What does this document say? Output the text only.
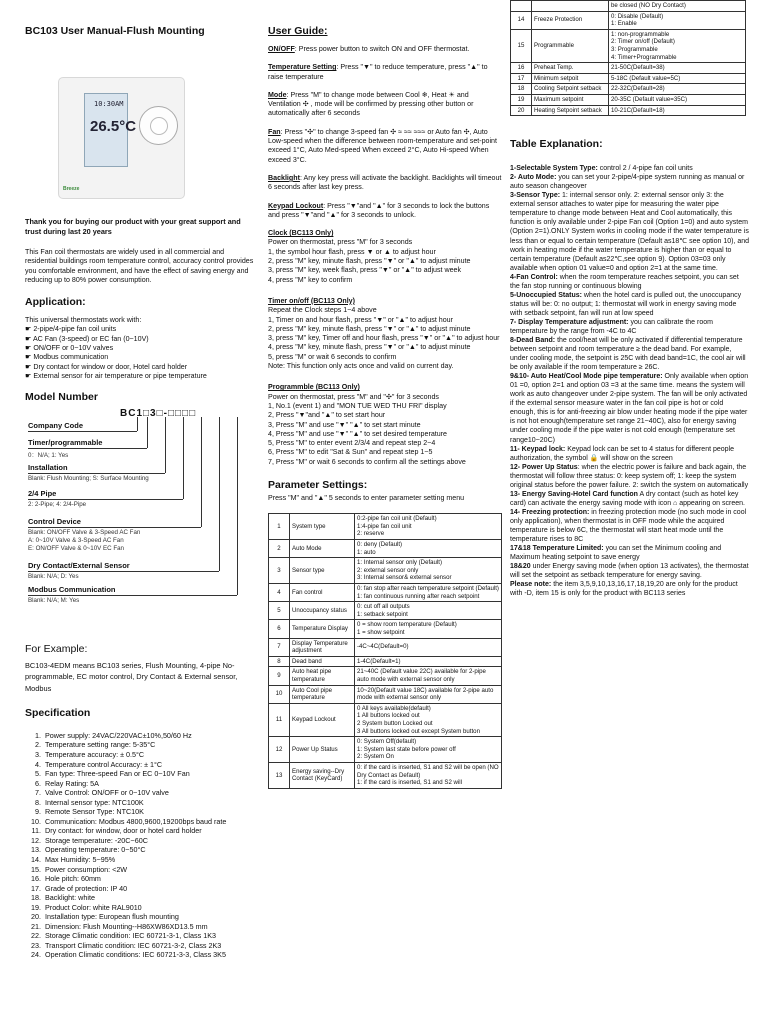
BC103 User Manual-Flush Mounting
10:30AM
26.5°C
Breeze

Thank you for buying our product with your great support and trust during last 20 years

This Fan coil thermostats are widely used in all commercial and residential buildings room temperature control, accuracy control provides you comfortable environment, and have the effect of saving energy and reducing up to 80% power consumption.

Application:

This universal thermostats work with:

☛ 2-pipe/4-pipe fan coil units

☛ AC Fan (3-speed) or EC fan (0~10V)

☛ ON/OFF or 0~10V valves

☛ Modbus communication

☛ Dry contact for window or door, Hotel card holder

☛ External sensor for air temperature or pipe temperature

Model Number
BC1□3□-□□□□
Company Code
Timer/programmable
0：N/A; 1: Yes
Installation
Blank: Flush Mounting; S: Surface Mounting
2/4 Pipe
2: 2-Pipe; 4: 2/4-Pipe
Control Device
Blank: ON/OFF Valve & 3-Speed AC Fan
A: 0~10V Valve & 3-Speed AC Fan
E: ON/OFF Valve & 0~10V EC Fan
Dry Contact/External Sensor
Blank: N/A; D: Yes
Modbus Communication
Blank: N/A; M: Yes
For Example:

BC103-4EDM means BC103 series, Flush Mounting, 4-pipe No-programmable, EC motor control, Dry Contact & External sensor, Modbus

Specification
1. Power supply: 24VAC/220VAC±10%,50/60 Hz
2. Temperature setting range: 5-35°C
3. Temperature accuracy: ± 0.5°C
4. Temperature control Accuracy: ± 1°C
5. Fan type: Three-speed Fan or EC 0~10V Fan
6. Relay Rating: 5A
7. Valve Control: ON/OFF or 0~10V valve
8. Internal sensor type: NTC100K
9. Remote Sensor Type: NTC10K
10. Communication: Modbus 4800,9600,19200bps baud rate
11. Dry contact: for window, door or hotel card holder
12. Storage temperature: -20C~60C
13. Operating temperature: 0~50°C
14. Max Humidity: 5~95%
15. Power consumption: <2W
16. Hole pitch: 60mm
17. Grade of protection: IP 40
18. Backlight: white
19. Product Color: white RAL9010
20. Installation type: European flush mounting
21. Dimension: Flush Mounting--H86XW86XD13.5 mm
22. Storage Climatic condition: IEC 60721-3-1, Class 1K3
23. Transport Climatic condition: IEC 60721-3-2, Class 2K3
24. Operation Climatic conditions: IEC 60721-3-3, Class 3K5
User Guide:

ON/OFF: Press power button to switch ON and OFF thermostat.

Temperature Setting: Press "▼" to reduce temperature, press "▲" to raise temperature

Mode: Press "M" to change mode between Cool ❄, Heat ☀ and Ventilation ✣ , mode will be confirmed by pressing other button or automatically after 6 seconds

Fan: Press "✣" to change 3-speed fan ✣ ≈ ≈≈ ≈≈≈ or Auto fan ✣, Auto Low-speed when the difference between room-temperature and set-point exceed 1°C, Auto Med-speed When exceed 2°C, Auto Hi-speed When exceed 3°C.

Backlight: Any key press will activate the backlight. Backlights will timeout 6 seconds after last key press.

Keypad Lockout: Press "▼"and "▲" for 3 seconds to lock the buttons and press "▼"and "▲" for 3 seconds to unlock.

Clock (BC113 Only)

Power on thermostat, press "M" for 3 seconds

1, the symbol hour flash, press ▼ or ▲ to adjust hour

2, press "M" key, minute flash, press "▼" or "▲" to adjust minute

3, press "M" key, week flash, press "▼" or "▲" to adjust week

4, press "M" key to confirm

Timer on/off (BC113 Only)

Repeat the Clock steps 1~4 above

1, Timer on and hour flash, press "▼" or "▲" to adjust hour

2, press "M" key, minute flash, press "▼" or "▲" to adjust minute

3, press "M" key, Timer off and hour flash, press "▼" or "▲" to adjust hour

4, press "M" key, minute flash, press "▼" or "▲" to adjust minute

5, press "M" or wait 6 seconds to confirm

Note: This function only acts once and valid on current day.

Programmble (BC113 Only)

Power on thermostat, press "M" and "✣" for 3 seconds

1, No.1 (event 1) and "MON TUE WED THU FRI" display

2, Press "▼"and "▲" to set start hour

3, Press "M" and use "▼" "▲" to set start minute

4, Press "M" and use "▼" "▲" to set desired temperature

5, Press "M" to enter event 2/3/4 and repeat step 2~4

6, Press "M" to edit "Sat & Sun" and repeat step 1~5

7, Press "M" or wait 6 seconds to confirm all the settings above

Parameter Settings:

Press "M" and "▲" 5 seconds to enter parameter setting menu

1	System type	0:2-pipe fan coil unit (Default)
1:4-pipe fan coil unit
2: reserve

2	Auto Mode	0: deny (Default)
1: auto

3	Sensor type	1: Internal sensor only (Default)
2: external sensor only
3: Internal sensor& external sensor

4	Fan control	0: fan stop after reach temperature setpoint (Default)
1: fan continuous running after reach setpoint

5	Unoccupancy status	0: cut off all outputs
1: setback setpoint

6	Temperature Display	0 = show room temperature (Default)
1 = show setpoint

7	Display Temperature adjustment	-4C~4C(Default=0)

8	Dead band	1-4C(Default=1)

9	Auto heat pipe temperature	21~40C (Default value 22C) available for 2-pipe auto mode with external sensor only

10	Auto Cool pipe temperature	10~20(Default value 18C) available for 2-pipe auto mode with external sensor only

11	Keypad Lockout	0 All keys available(default)
1 All buttons locked out
2 System button Locked out
3 All buttons locked out except System button

12	Power Up Status	0: System Off(default)
1: System last state before power off
2: System On

13	Energy saving--Dry Contact (KeyCard)	0: if the card is inserted, S1 and S2 will be open (NO Dry Contact as Default)
1: if the card is inserted, S1 and S2 will

		be closed (NO Dry Contact)

14	Freeze Protection	0: Disable (Default)
1: Enable

15	Programmable	1: non-programmable
2: Timer on/off (Default)
3: Programmable
4: Timer+Programmable

16	Preheat Temp.	21-50C(Default=38)

17	Minimum setpoit	5-18C (Default value=5C)

18	Cooling Setpoint setback	22-32C(Default=28)

19	Maximum setpoint	20-35C (Default value=35C)

20	Heating Setpoint setback	10-21C(Default=18)
Table Explanation:

1-Selectable System Type: control 2 / 4-pipe fan coil units

2- Auto Mode: you can set your 2-pipe/4-pipe system running as manual or auto season changeover

3-Sensor Type: 1: internal sensor only. 2: external sensor only 3: the external sensor attaches to water pipe for measuring the water pipe temperature to change mode between Heat and Cool automatically, this function is only available under 2-pipe Fan coil (Option 1=0) and auto system (Option 2=1).ONLY System works in cooling mode if the water temperature is less than or equal to certain temperature (Default as18℃ see option 10), and work in heating mode if the water temperature is higher than or equal to certain temperature (Default as22℃,see option 9). Option 03=03 only available when option 01 value=0 and option 2=1 at the same time.

4-Fan Control: when the room temperature reaches setpoint, you can set the fan stop running or continuous blowing

5-Unoccupied Status: when the hotel card is pulled out, the unoccupancy status will be: 0: no output; 1: thermostat will work in energy saving mode with setback setpoint, fan will run at low speed

7- Display Temperature adjustment: you can calibrate the room temperature by the range from -4C to 4C

8-Dead Band: the cool/heat will be only activated if differential temperature between setpoint and room temperature ≥ the dead band. For example, under cooling mode, the setpoint is 25C with dead band=1C, the cool air will be only available if the room temperature ≥ 26C.

9&10- Auto Heat/Cool Mode pipe temperature: Only available when option 01 =0, option 2=1 and option 03 =3 at the same time. means the system will work as auto changeover under 2-pipe system. The fan will be only activated if the external sensor measure water in the fan coil pipe is hot or cold enough, this is for anti-freezing air blow under heating mode if the pipe water is not hot enough(temperature set range 21~40C), also for energy saving under cooling mode if the pipe water is not cold enough (temperature set range10~20C)

11- Keypad lock: Keypad lock can be set to 4 status for different people authorization, the symbol 🔒 will show on the screen

12- Power Up Status: when the electric power is failure and back again, the thermostat will follow three status: 0: keep system off; 1: keep the system original status before the power failure. 2: switch the system on automatically

13- Energy Saving-Hotel Card function A dry contact (such as hotel key card) can activate the energy saving mode with icon ⌂ appearing on screen.

14- Freezing protection: in freezing protection mode (no such mode in cool only application), when thermostat is in OFF mode while the acquired temperature is below 6C, the thermostat will start heat mode until the temperature rises to 8C

17&18 Temperature Limited: you can set the Minimum cooling and Maximum heating setpoint to save energy

18&20 under Energy saving mode (when option 13 activates), the thermostat will set the setpoint as setback temperature for energy saving.

Please note: the item 3,5,9,10,13,16,17,18,19,20 are only for the product with -D, item 15 is only for the product with BC113 series
